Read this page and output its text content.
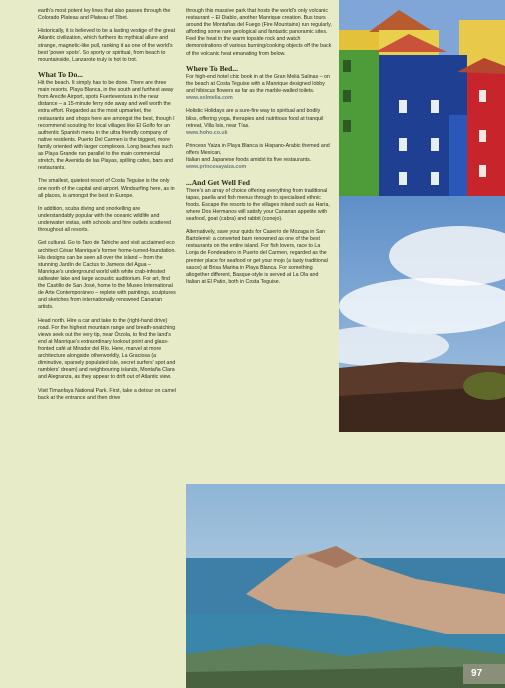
earth's most potent ley lines that also passes through the Colorado Plateau and Plateau of Tibet.

Historically, it is believed to be a lasting vestige of the great Atlantic civilization, which furthers its mythical allure and strange, magnetic-like pull, ranking it as one of the world's best 'power spots'. So sporty or spiritual, from beach to mountainside, Lanzarote truly is hot to trot.

What To Do...

Hit the beach. It simply has to be done. There are three main resorts. Playa Blanca, in the south and furthest away from Arecife Airport, spots Fuerteventura in the near distance – a 15-minute ferry ride away and well worth the extra effort. Regarded as the most upmarket, the restaurants and shops here are amongst the best, though I recommend scouting for local villages like El Golfo for an authentic Spanish menu in the ultra friendly company of native residents. Puerto Del Carmen is the biggest, more family oriented with larger complexes. Long beaches such as Playa Grande run parallel to the main commercial stretch, the Avenida de las Playas, spilling cafes, bars and restaurants.

The smallest, quietest resort of Costa Teguise is the only one north of the capital and airport. Windsurfing here, as in all places, is amongst the best in Europe.

In addition, scuba diving and snorkelling are understandably popular with the oceanic wildlife and underwater vistas, with schools and hire outlets scattered throughout all resorts.

Get cultural. Go to Taro de Tahiche and visit acclaimed eco architect César Manrique's former home-turned-foundation. His designs can be seen all over the island – from the stunning Jardín de Cactus to Jameos del Agua – Manrique's underground world with white crab-infested saltwater lake and large acoustic auditorium. For art, find the Castillo de San José, home to the Museo International de Arte Contemporáneo – replete with paintings, sculptures and sketches from internationally renowned Canarian artists.

Head north. Hire a car and take to the (right-hand drive) road. For the highest mountain range and breath-snatching views seek out the very tip, near Órzola, to find the land's end at Manrique's extraordinary lookout point and glass-fronted café at Mirador del Río. Here, marvel at more architecture alongside otherworldly, La Graciosa (a diminutive, sparsely populated isle, secret surfers' spot and ramblers' dream) and neighbouring islands, Montaña Clara and Alegranza, as they appear to drift out of Atlantic view.

Visit Timanfaya National Park. First, take a detour on camel back at the entrance and then drive

through this massive park that hosts the world's only volcanic restaurant – El Diablo, another Manrique creation. Bus tours around the Montañas del Fuego (Fire Mountains) run regularly, affording some rare geological and fantastic panoramic sites. Feel the heat in the warm topside rock and watch demonstrations of various burning/cooking objects off the back of the volcanic heat emanating from below.

Where To Bed...

For high-end hotel chic book in at the Gran Meliá Salinas – on the beach at Costa Teguise with a Manrique designed lobby and hibiscus flowers as far as the marble-walled toilets.

www.solmelia.com

Holistic Holidays are a sure-fire way to spiritual and bodily bliss, offering yoga, therapies and nutritious food at tranquil retreat, Villa Isis, near Tías.

www.hoho.co.uk

Princess Yaiza in Playa Blanca is Hispano-Arabic themed and offers Mexican,

Italian and Japanese foods amidst its five restaurants.

www.princesayaiza.com

...And Get Well Fed

There's an array of choice offering everything from traditional tapas, paella and fish menus through to specialised ethnic foods. Escape the resorts to the villages inland such as Haría, where Dos Hermanos will satisfy your Canarian appetite with seafood, goat (cabra) and rabbit (conejo).

Alternatively, save your quids for Caserío de Mozaga in San Bartolemé: a converted barn renowned as one of the best restaurants on the entire island. For fish lovers, race to La Lonja de Fondeadero in Puerto del Carmen, regarded as the premier place for seafood or get your mojo (a tasty traditional sauce) at Brisa Marina in Playa Blanca. For something altogether different, Basque-style is served at La Ola and Italian at El Patio, both in Costa Teguise.

97
